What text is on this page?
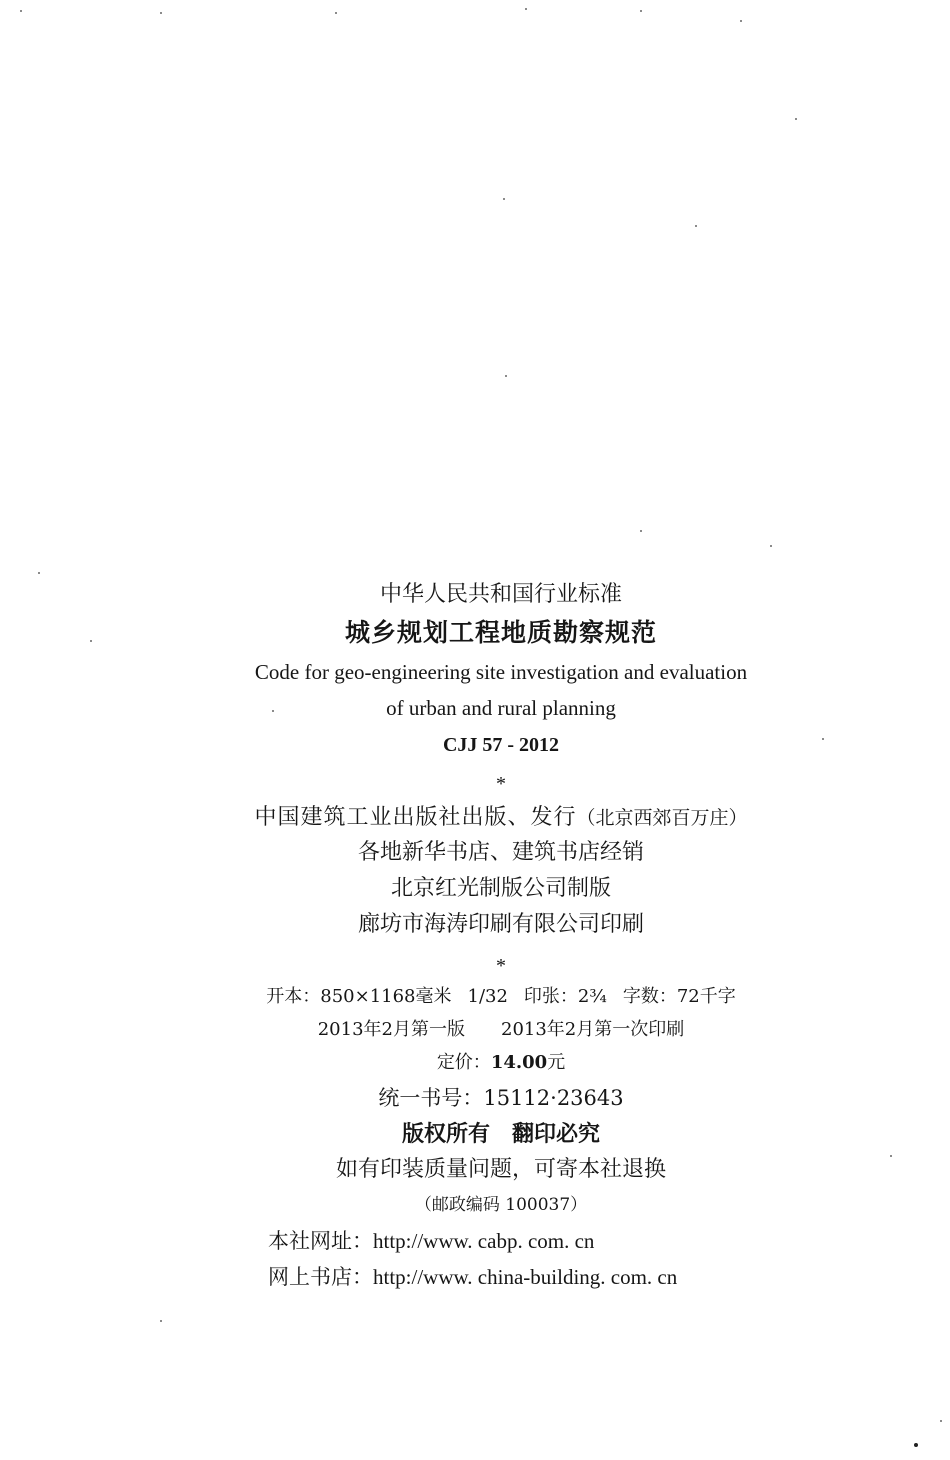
中华人民共和国行业标准
城乡规划工程地质勘察规范
Code for geo-engineering site investigation and evaluation
of urban and rural planning
CJJ 57 - 2012
*
中国建筑工业出版社出版、发行（北京西郊百万庄）
各地新华书店、建筑书店经销
北京红光制版公司制版
廊坊市海涛印刷有限公司印刷
*
开本：850×1168毫米 1/32 印张：2¾ 字数：72千字
2013年2月第一版 2013年2月第一次印刷
定价：14.00元
统一书号：15112·23643
版权所有 翻印必究
如有印装质量问题，可寄本社退换
（邮政编码 100037）
本社网址：http://www. cabp. com. cn
网上书店：http://www. china-building. com. cn
